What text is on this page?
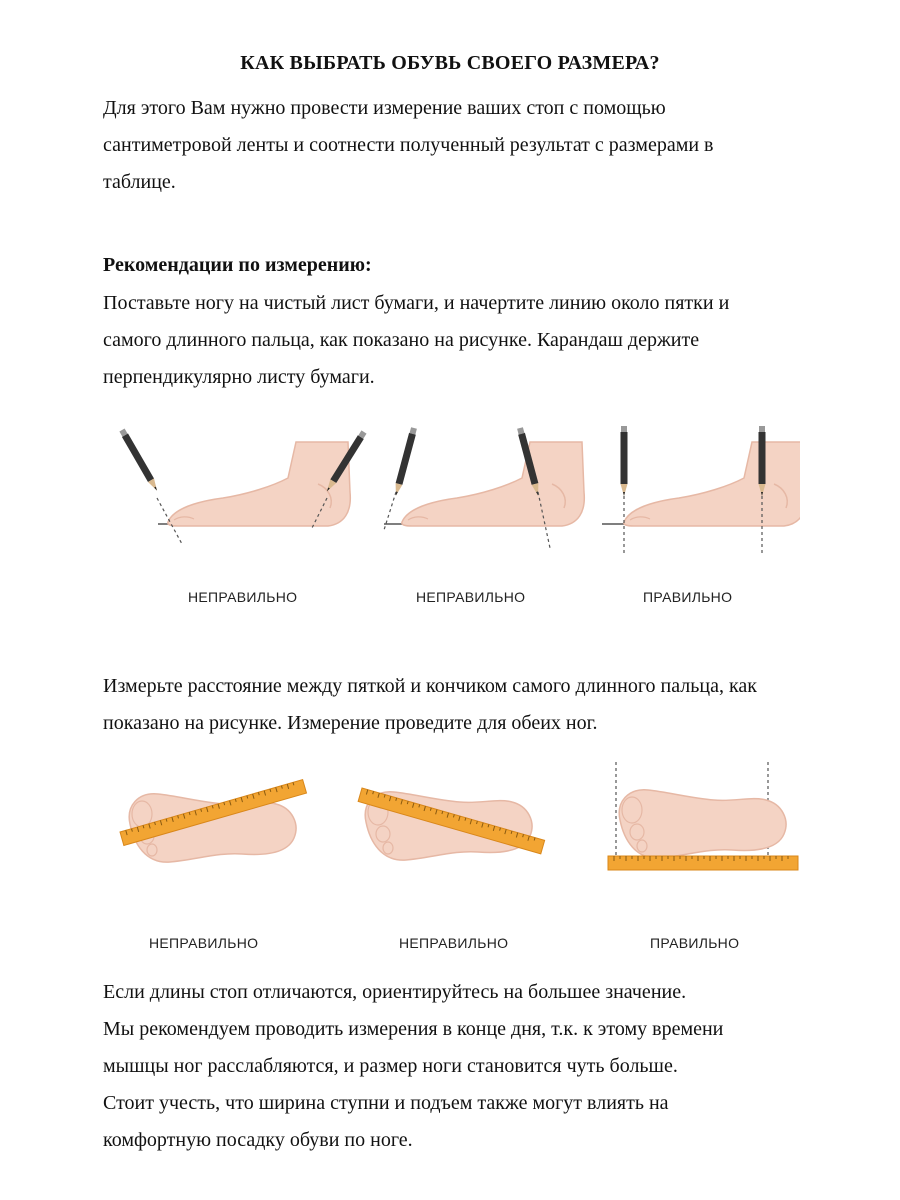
КАК ВЫБРАТЬ ОБУВЬ СВОЕГО РАЗМЕРА?
Для этого Вам нужно провести измерение ваших стоп с помощью
сантиметровой ленты и соотнести полученный результат с размерами в
таблице.
Рекомендации по измерению:
Поставьте ногу на чистый лист бумаги, и начертите линию около пятки и
самого длинного пальца, как показано на рисунке. Карандаш держите
перпендикулярно листу бумаги.
НЕПРАВИЛЬНО	НЕПРАВИЛЬНО	ПРАВИЛЬНО
Измерьте расстояние между пяткой и кончиком самого длинного пальца, как
показано на рисунке. Измерение проведите для обеих ног.
НЕПРАВИЛЬНО	НЕПРАВИЛЬНО	ПРАВИЛЬНО
Если длины стоп отличаются, ориентируйтесь на большее значение.
Мы рекомендуем проводить измерения в конце дня, т.к. к этому времени
мышцы ног расслабляются, и размер ноги становится чуть больше.
Стоит учесть, что ширина ступни и подъем также могут влиять на
комфортную посадку обуви по ноге.
